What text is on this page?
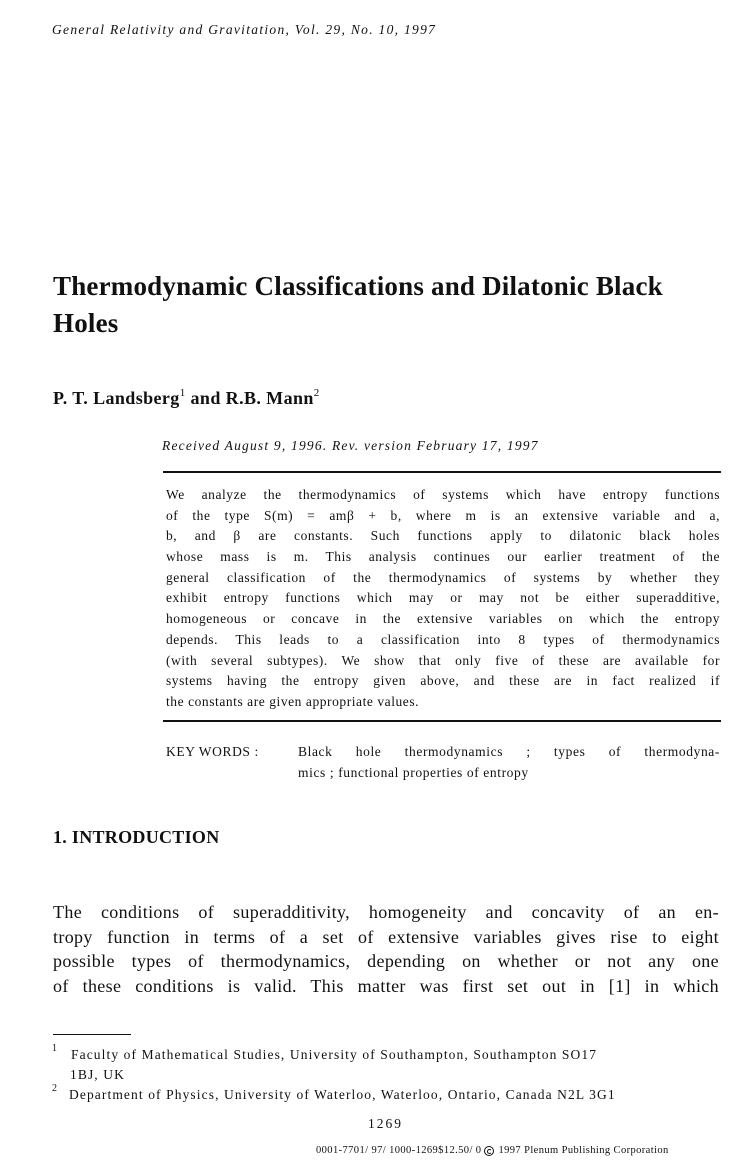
General Relativity and Gravitation, Vol. 29, No. 10, 1997

Thermodynamic Classifications and Dilatonic Black Holes

P. T. Landsberg$^1$ and R.B. Mann$^2$

Received August 9, 1996. Rev. version February 17, 1997

We analyze the thermodynamics of systems which have entropy functions
of the type S(m) = amβ + b, where m is an extensive variable and a,
b, and β are constants. Such functions apply to dilatonic black holes
whose mass is m. This analysis continues our earlier treatment of the
general classification of the thermodynamics of systems by whether they
exhibit entropy functions which may or may not be either superadditive,
homogeneous or concave in the extensive variables on which the entropy
depends. This leads to a classification into 8 types of thermodynamics
(with several subtypes). We show that only five of these are available for
systems having the entropy given above, and these are in fact realized if
the constants are given appropriate values.
KEY WORDS :	Black hole thermodynamics ; types of thermodyna-
mics ; functional properties of entropy
1. INTRODUCTION
The conditions of superadditivity, homogeneity and concavity of an en-
tropy function in terms of a set of extensive variables gives rise to eight
possible types of thermodynamics, depending on whether or not any one
of these conditions is valid. This matter was first set out in [1] in which

$^1$ Faculty of Mathematical Studies, University of Southampton, Southampton SO17

1BJ, UK

$^2$ Department of Physics, University of Waterloo, Waterloo, Ontario, Canada N2L 3G1

1269

0001-7701/ 97/ 1000-1269$12.50/ 0 1997 Plenum Publishing Corporation
